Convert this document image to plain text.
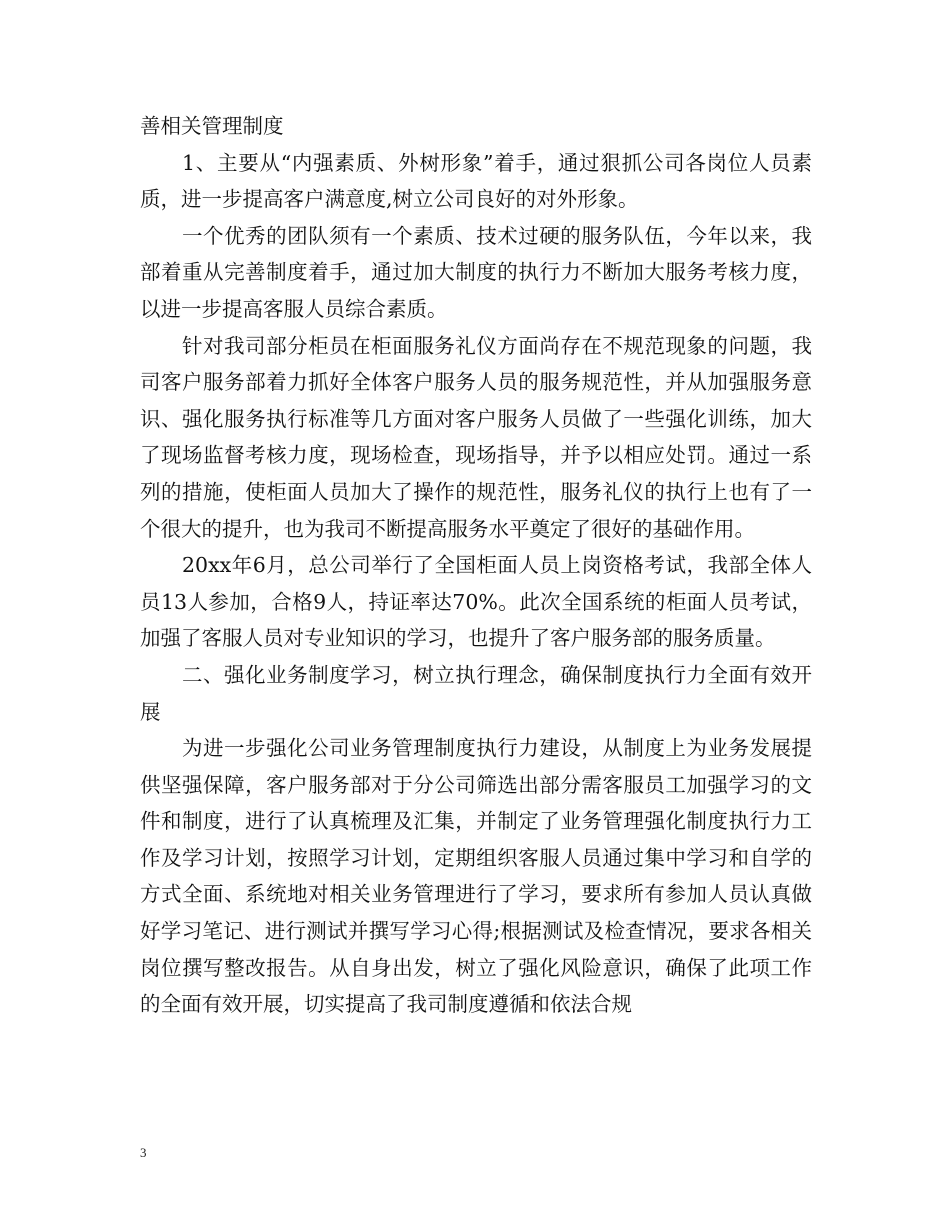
善相关管理制度

1、主要从“内强素质、外树形象”着手，通过狠抓公司各岗位人员素质，进一步提高客户满意度,树立公司良好的对外形象。

一个优秀的团队须有一个素质、技术过硬的服务队伍，今年以来，我部着重从完善制度着手，通过加大制度的执行力不断加大服务考核力度，以进一步提高客服人员综合素质。

针对我司部分柜员在柜面服务礼仪方面尚存在不规范现象的问题，我司客户服务部着力抓好全体客户服务人员的服务规范性，并从加强服务意识、强化服务执行标准等几方面对客户服务人员做了一些强化训练，加大了现场监督考核力度，现场检查，现场指导，并予以相应处罚。通过一系列的措施，使柜面人员加大了操作的规范性，服务礼仪的执行上也有了一个很大的提升，也为我司不断提高服务水平奠定了很好的基础作用。

20xx年6月，总公司举行了全国柜面人员上岗资格考试，我部全体人员13人参加，合格9人，持证率达70%。此次全国系统的柜面人员考试，加强了客服人员对专业知识的学习，也提升了客户服务部的服务质量。

二、强化业务制度学习，树立执行理念，确保制度执行力全面有效开展

为进一步强化公司业务管理制度执行力建设，从制度上为业务发展提供坚强保障，客户服务部对于分公司筛选出部分需客服员工加强学习的文件和制度，进行了认真梳理及汇集，并制定了业务管理强化制度执行力工作及学习计划，按照学习计划，定期组织客服人员通过集中学习和自学的方式全面、系统地对相关业务管理进行了学习，要求所有参加人员认真做好学习笔记、进行测试并撰写学习心得;根据测试及检查情况，要求各相关岗位撰写整改报告。从自身出发，树立了强化风险意识，确保了此项工作的全面有效开展，切实提高了我司制度遵循和依法合规

3
